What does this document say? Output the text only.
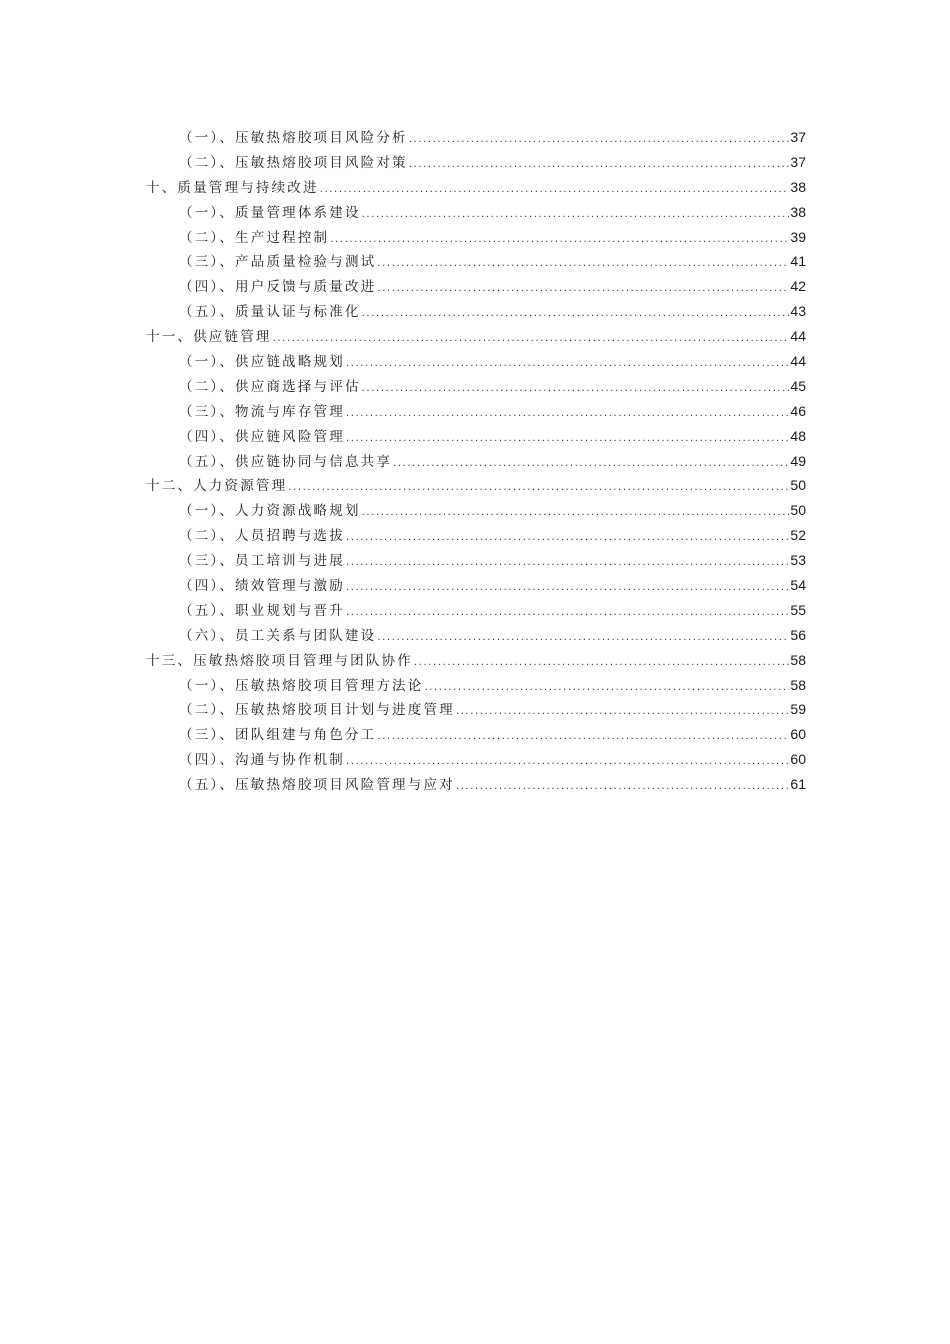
（一）、压敏热熔胶项目风险分析 .....	37
（二）、压敏热熔胶项目风险对策 .....	37
十、质量管理与持续改进 .....	38
（一）、质量管理体系建设 .....	38
（二）、生产过程控制 .....	39
（三）、产品质量检验与测试 .....	41
（四）、用户反馈与质量改进 .....	42
（五）、质量认证与标准化 .....	43
十一、供应链管理 .....	44
（一）、供应链战略规划 .....	44
（二）、供应商选择与评估 .....	45
（三）、物流与库存管理 .....	46
（四）、供应链风险管理 .....	48
（五）、供应链协同与信息共享 .....	49
十二、人力资源管理 .....	50
（一）、人力资源战略规划 .....	50
（二）、人员招聘与选拔 .....	52
（三）、员工培训与进展 .....	53
（四）、绩效管理与激励 .....	54
（五）、职业规划与晋升 .....	55
（六）、员工关系与团队建设 .....	56
十三、压敏热熔胶项目管理与团队协作 .....	58
（一）、压敏热熔胶项目管理方法论 .....	58
（二）、压敏热熔胶项目计划与进度管理 .....	59
（三）、团队组建与角色分工 .....	60
（四）、沟通与协作机制 .....	60
（五）、压敏热熔胶项目风险管理与应对 .....	61
